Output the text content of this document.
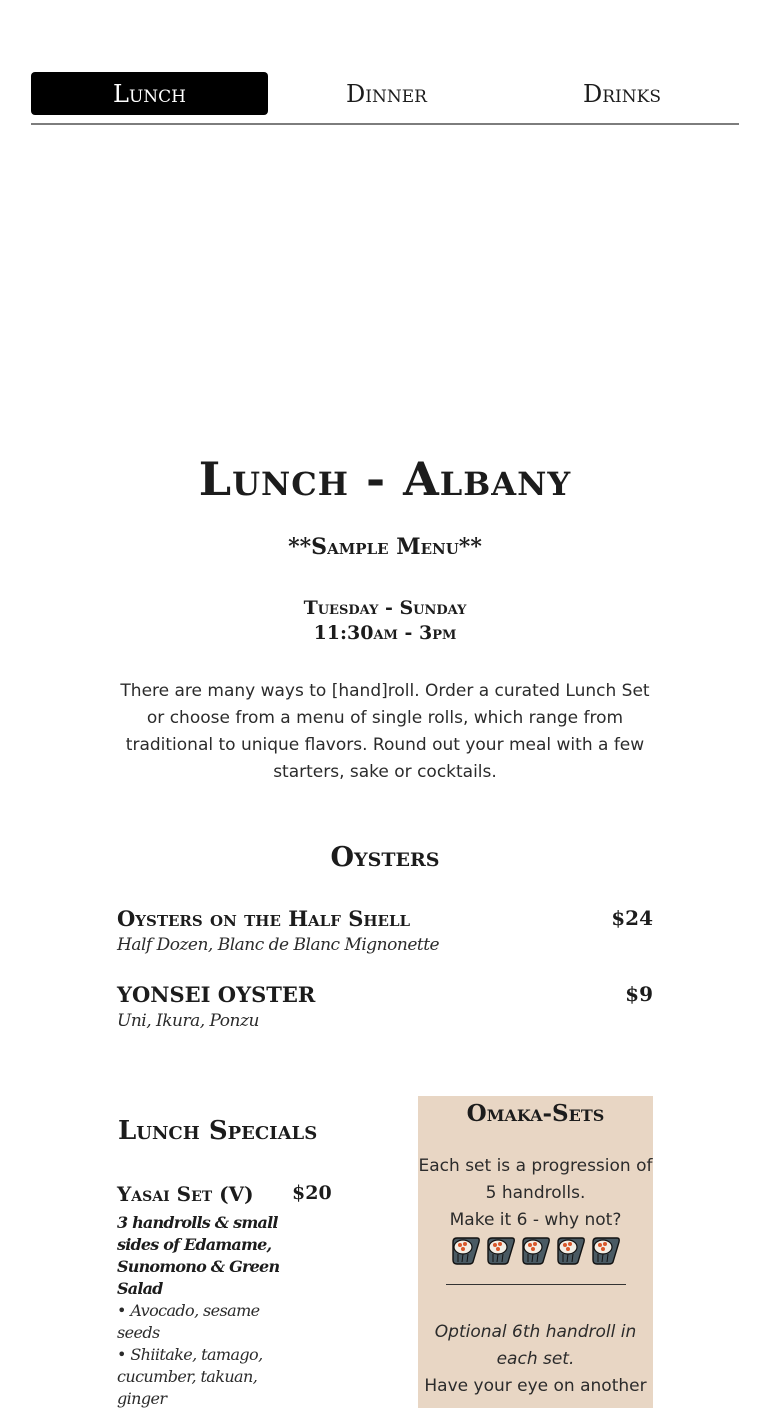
Lunch	Dinner	Drinks
Lunch - Albany
**Sample Menu**
Tuesday - Sunday
11:30am - 3pm
There are many ways to [hand]roll. Order a curated Lunch Set or choose from a menu of single rolls, which range from traditional to unique flavors. Round out your meal with a few starters, sake or cocktails.
Oysters
Oysters on the Half Shell	$24
Half Dozen, Blanc de Blanc Mignonette
YONSEI OYSTER	$9
Uni, Ikura, Ponzu
Lunch Specials
Yasai Set (V)	$20
3 handrolls & small sides of Edamame, Sunomono & Green Salad
• Avocado, sesame seeds
• Shiitake, tamago, cucumber, takuan, ginger
Omaka-Sets
Each set is a progression of 5 handrolls.
Make it 6 - why not?
Optional 6th handroll in each set.
Have your eye on another
